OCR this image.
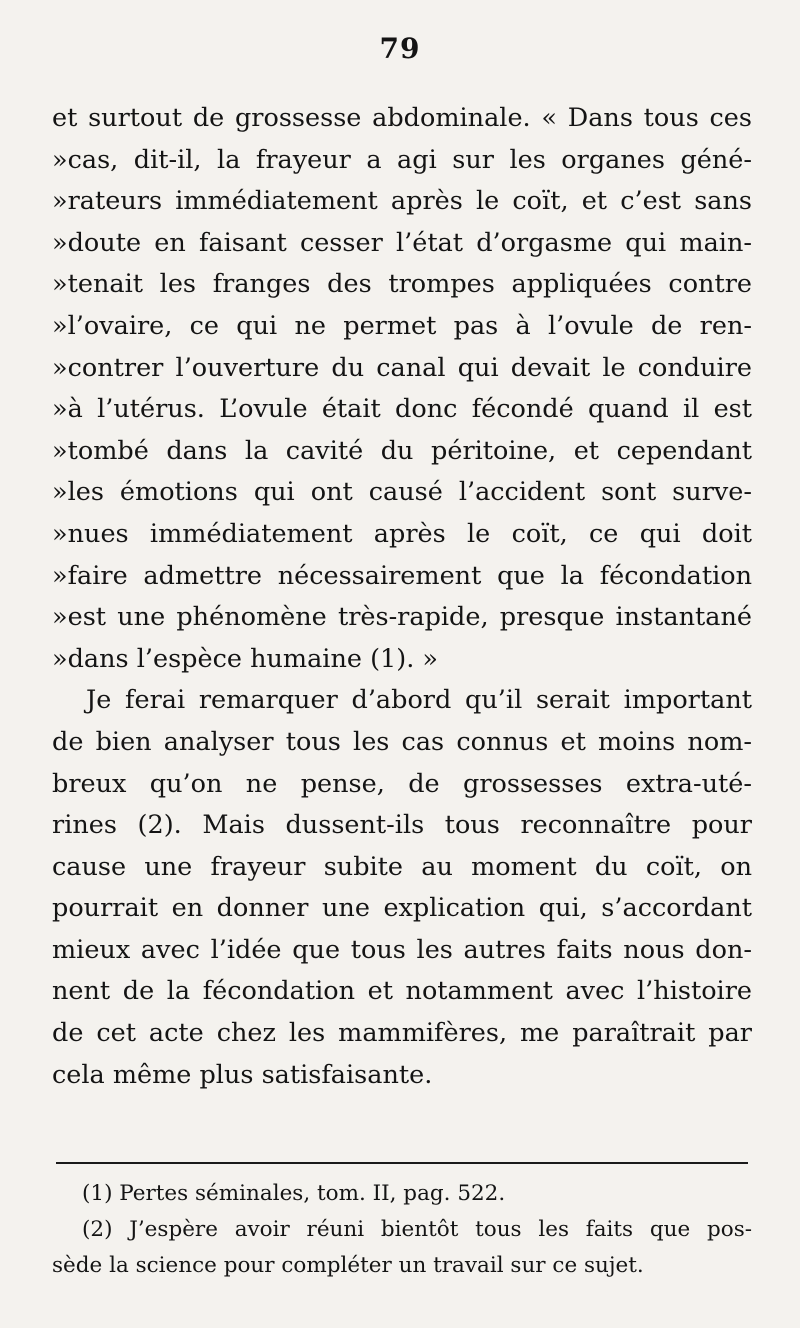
79
et surtout de grossesse abdominale. « Dans tous ces
»cas, dit-il, la frayeur a agi sur les organes géné-
»rateurs immédiatement après le coït, et c’est sans
»doute en faisant cesser l’état d’orgasme qui main-
»tenait les franges des trompes appliquées contre
»l’ovaire, ce qui ne permet pas à l’ovule de ren-
»contrer l’ouverture du canal qui devait le conduire
»à l’utérus. L’ovule était donc fécondé quand il est
»tombé dans la cavité du péritoine, et cependant
»les émotions qui ont causé l’accident sont surve-
»nues immédiatement après le coït, ce qui doit
»faire admettre nécessairement que la fécondation
»est une phénomène très-rapide, presque instantané
»dans l’espèce humaine (1). »
Je ferai remarquer d’abord qu’il serait important
de bien analyser tous les cas connus et moins nom-
breux qu’on ne pense, de grossesses extra-uté-
rines (2). Mais dussent-ils tous reconnaître pour
cause une frayeur subite au moment du coït, on
pourrait en donner une explication qui, s’accordant
mieux avec l’idée que tous les autres faits nous don-
nent de la fécondation et notamment avec l’histoire
de cet acte chez les mammifères, me paraîtrait par
cela même plus satisfaisante.
(1) Pertes séminales, tom. II, pag. 522.
(2) J’espère avoir réuni bientôt tous les faits que pos-
sède la science pour compléter un travail sur ce sujet.
